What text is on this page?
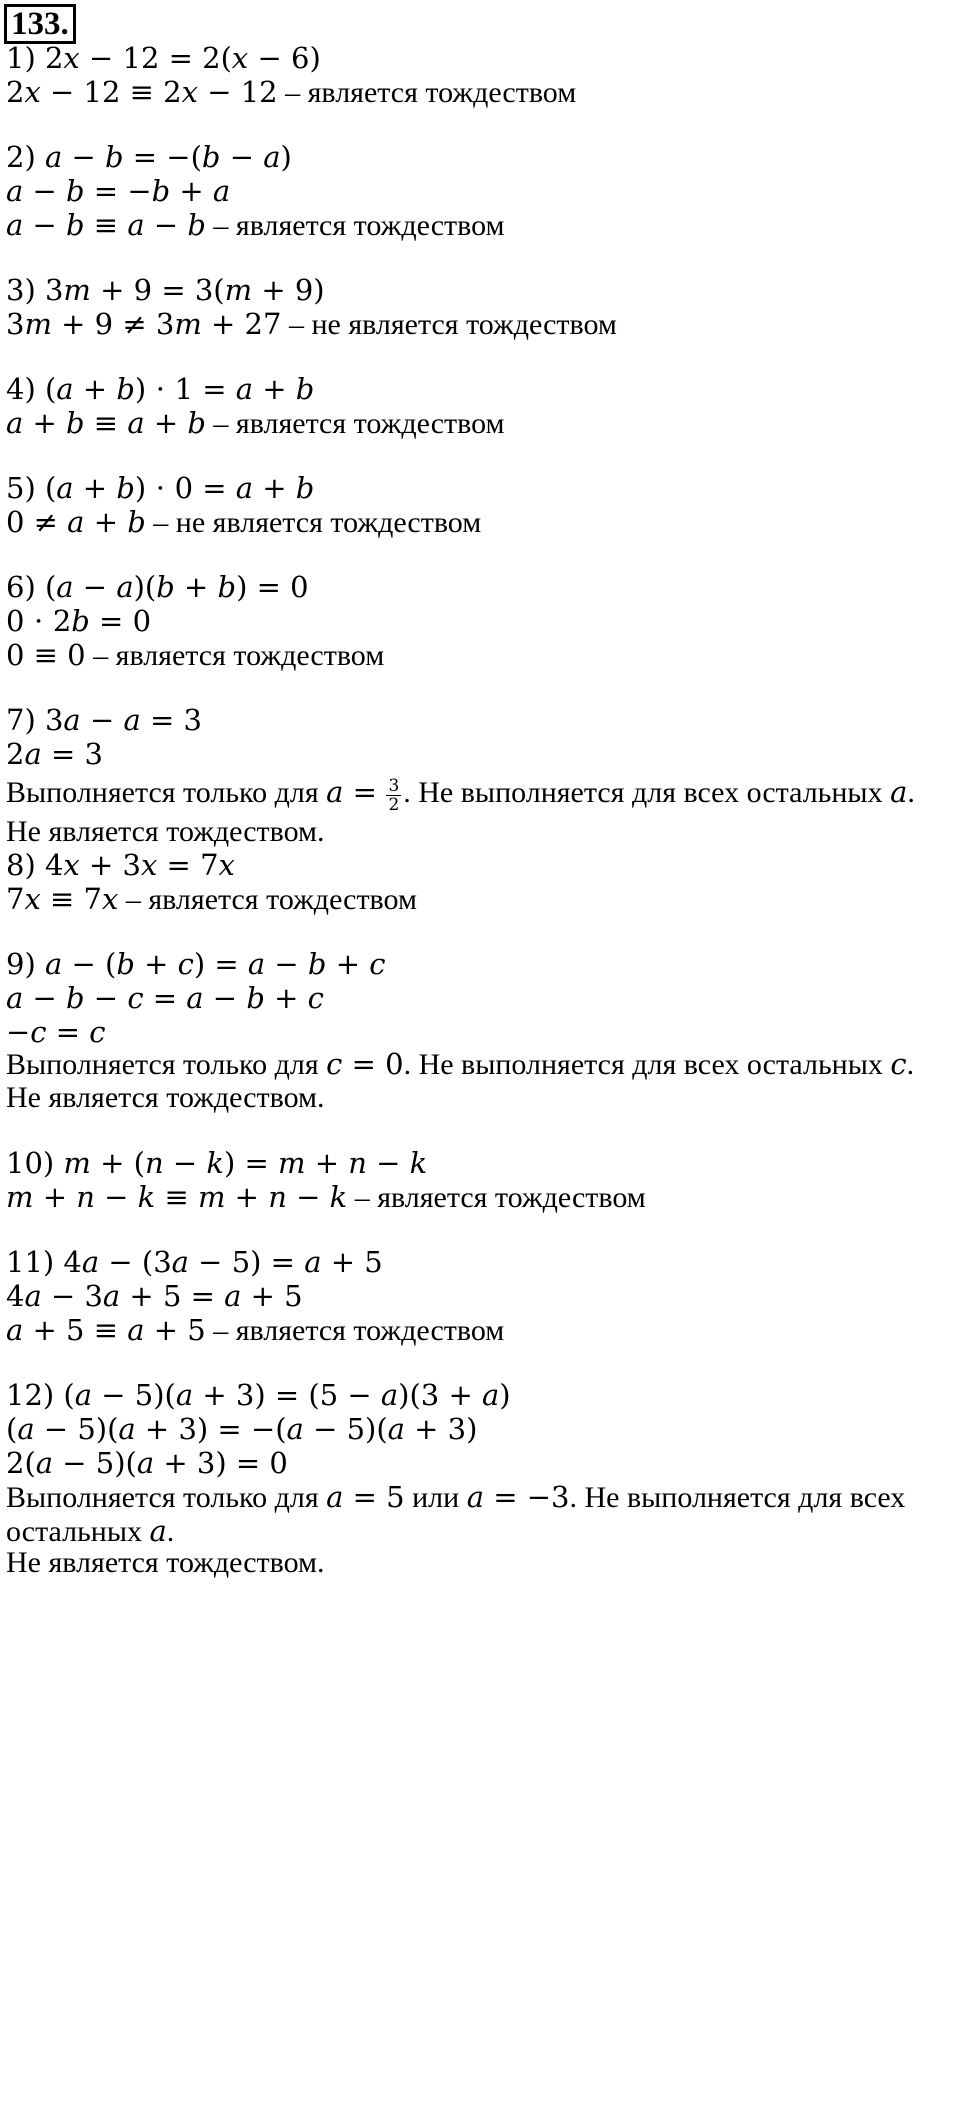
133.
1) 2𝑥 − 12 = 2(𝑥 − 6)
2𝑥 − 12 ≡ 2𝑥 − 12 – является тождеством
2) 𝑎 − 𝑏 = −(𝑏 − 𝑎)
𝑎 − 𝑏 = −𝑏 + 𝑎
𝑎 − 𝑏 ≡ 𝑎 − 𝑏 – является тождеством
3) 3𝑚 + 9 = 3(𝑚 + 9)
3𝑚 + 9 ≠ 3𝑚 + 27 – не является тождеством
4) (𝑎 + 𝑏) ⋅ 1 = 𝑎 + 𝑏
𝑎 + 𝑏 ≡ 𝑎 + 𝑏 – является тождеством
5) (𝑎 + 𝑏) ⋅ 0 = 𝑎 + 𝑏
0 ≠ 𝑎 + 𝑏 – не является тождеством
6) (𝑎 − 𝑎)(𝑏 + 𝑏) = 0
0 ⋅ 2𝑏 = 0
0 ≡ 0 – является тождеством
7) 3𝑎 − 𝑎 = 3
2𝑎 = 3
Выполняется только для 𝑎 = $\frac{3}{2}$ . Не выполняется для всех остальных 𝑎.
Не является тождеством.
8) 4𝑥 + 3𝑥 = 7𝑥
7𝑥 ≡ 7𝑥 – является тождеством
9) 𝑎 − (𝑏 + 𝑐) = 𝑎 − 𝑏 + 𝑐
𝑎 − 𝑏 − 𝑐 = 𝑎 − 𝑏 + 𝑐
−𝑐 = 𝑐
Выполняется только для 𝑐 = 0. Не выполняется для всех остальных 𝑐.
Не является тождеством.
10) 𝑚 + (𝑛 − 𝑘) = 𝑚 + 𝑛 − 𝑘
𝑚 + 𝑛 − 𝑘 ≡ 𝑚 + 𝑛 − 𝑘 – является тождеством
11) 4𝑎 − (3𝑎 − 5) = 𝑎 + 5
4𝑎 − 3𝑎 + 5 = 𝑎 + 5
𝑎 + 5 ≡ 𝑎 + 5 – является тождеством
12) (𝑎 − 5)(𝑎 + 3) = (5 − 𝑎)(3 + 𝑎)
(𝑎 − 5)(𝑎 + 3) = −(𝑎 − 5)(𝑎 + 3)
2(𝑎 − 5)(𝑎 + 3) = 0
Выполняется только для 𝑎 = 5 или 𝑎 = −3. Не выполняется для всех
остальных 𝑎.
Не является тождеством.
